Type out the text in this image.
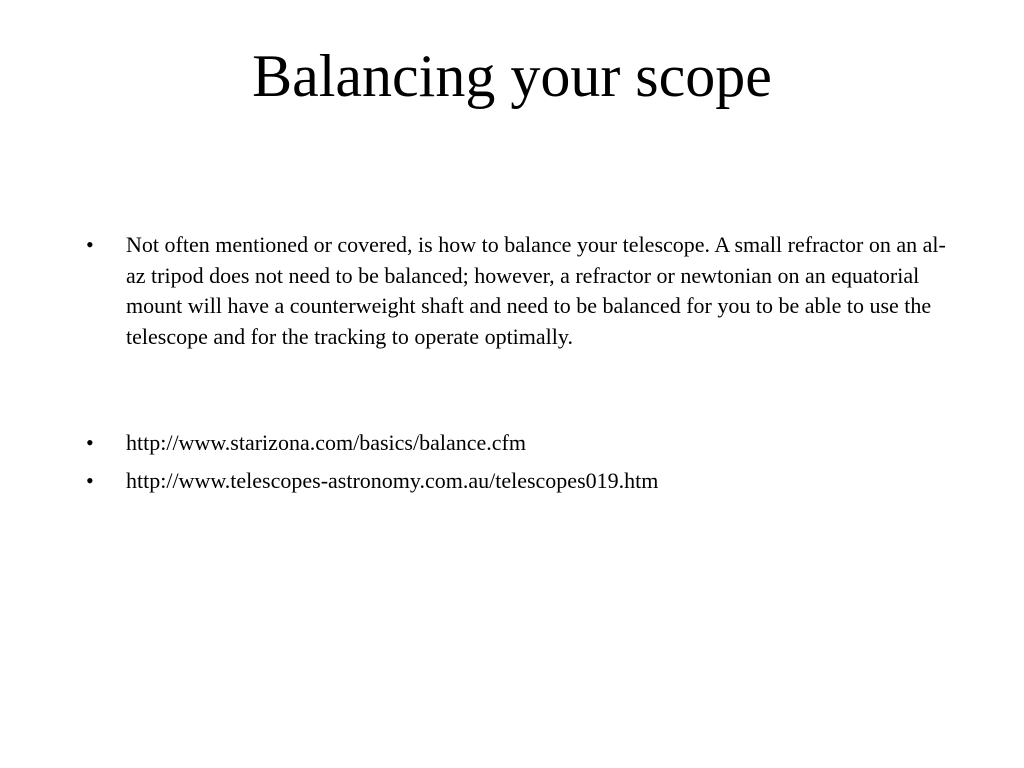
Balancing your scope
•	Not often mentioned or covered, is how to balance your telescope. A small refractor on an al-az tripod does not need to be balanced; however, a refractor or newtonian on an equatorial mount will have a counterweight shaft and need to be balanced for you to be able to use the telescope and for the tracking to operate optimally.
•	http://www.starizona.com/basics/balance.cfm
•	http://www.telescopes-astronomy.com.au/telescopes019.htm
